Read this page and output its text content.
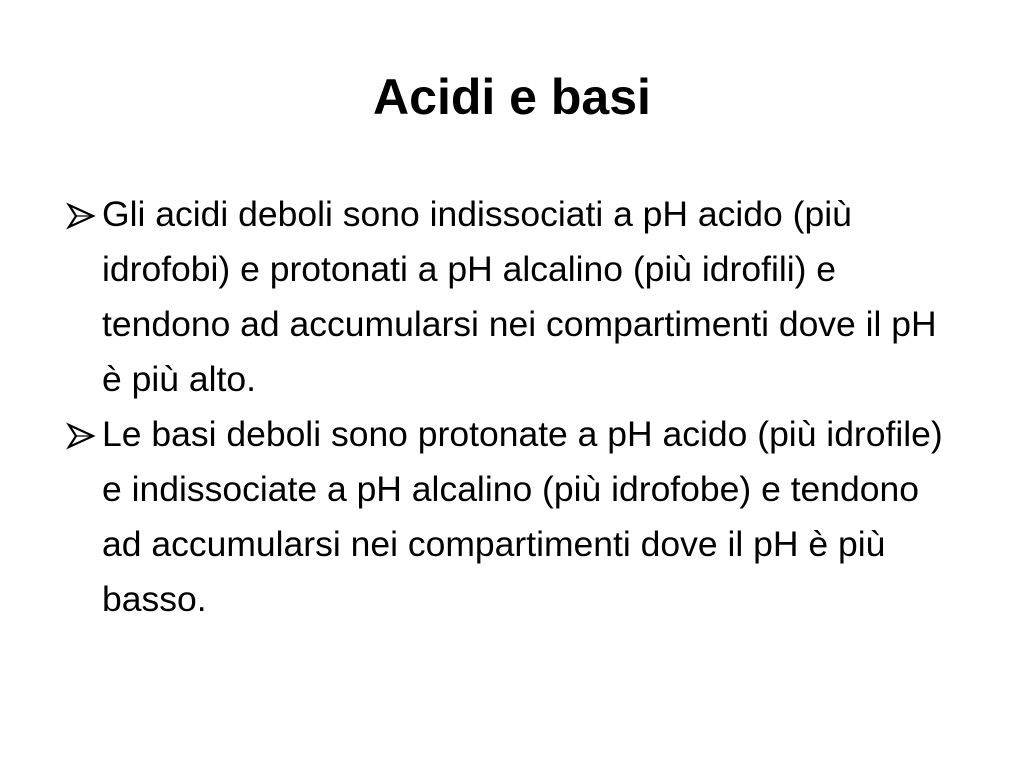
Acidi e basi
Gli acidi deboli sono indissociati a pH acido (più idrofobi) e protonati a pH alcalino (più idrofili) e tendono ad accumularsi nei compartimenti dove il pH è più alto.
Le basi deboli sono protonate a pH acido (più idrofile) e indissociate a pH alcalino (più idrofobe) e tendono ad accumularsi nei compartimenti dove il pH è più basso.
